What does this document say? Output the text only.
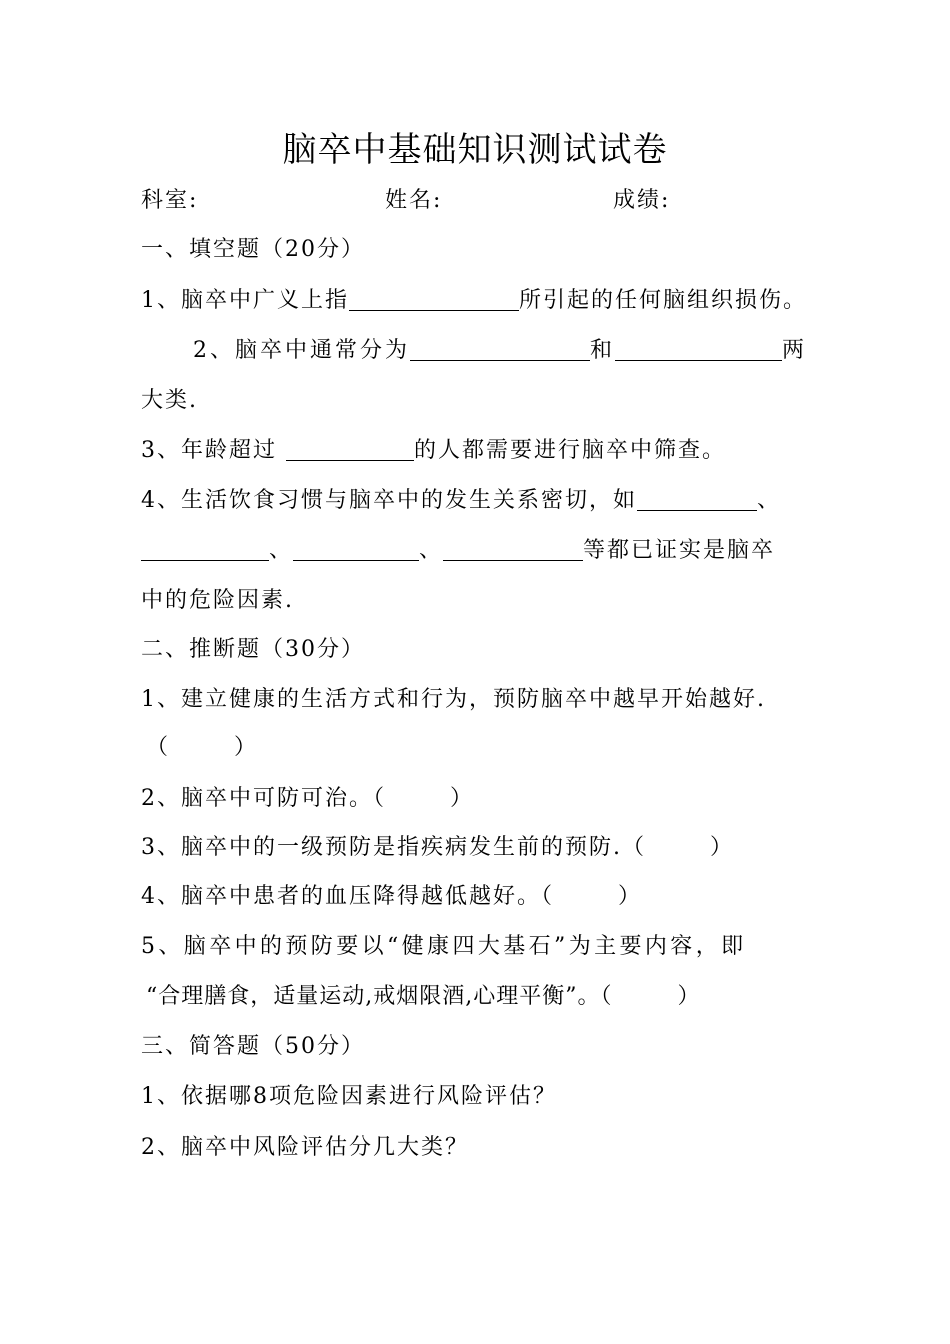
脑卒中基础知识测试试卷
科室:	姓名:	成绩:
一、填空题（20分）
1、脑卒中广义上指	所引起的任何脑组织损伤。
2、脑卒中通常分为	和	两
大类.
3、年龄超过	的人都需要进行脑卒中筛查。
4、生活饮食习惯与脑卒中的发生关系密切，如	、
、	、	等都已证实是脑卒
中的危险因素.
二、推断题（30分）
1、建立健康的生活方式和行为，预防脑卒中越早开始越好.
（　　　）
2、脑卒中可防可治。（　　　）
3、脑卒中的一级预防是指疾病发生前的预防.（　　　）
4、脑卒中患者的血压降得越低越好。（　　　）
5、脑卒中的预防要以“健康四大基石”为主要内容，即
“合理膳食，适量运动,戒烟限酒,心理平衡”。（　　　）
三、简答题（50分）
1、依据哪8项危险因素进行风险评估？
2、脑卒中风险评估分几大类？
